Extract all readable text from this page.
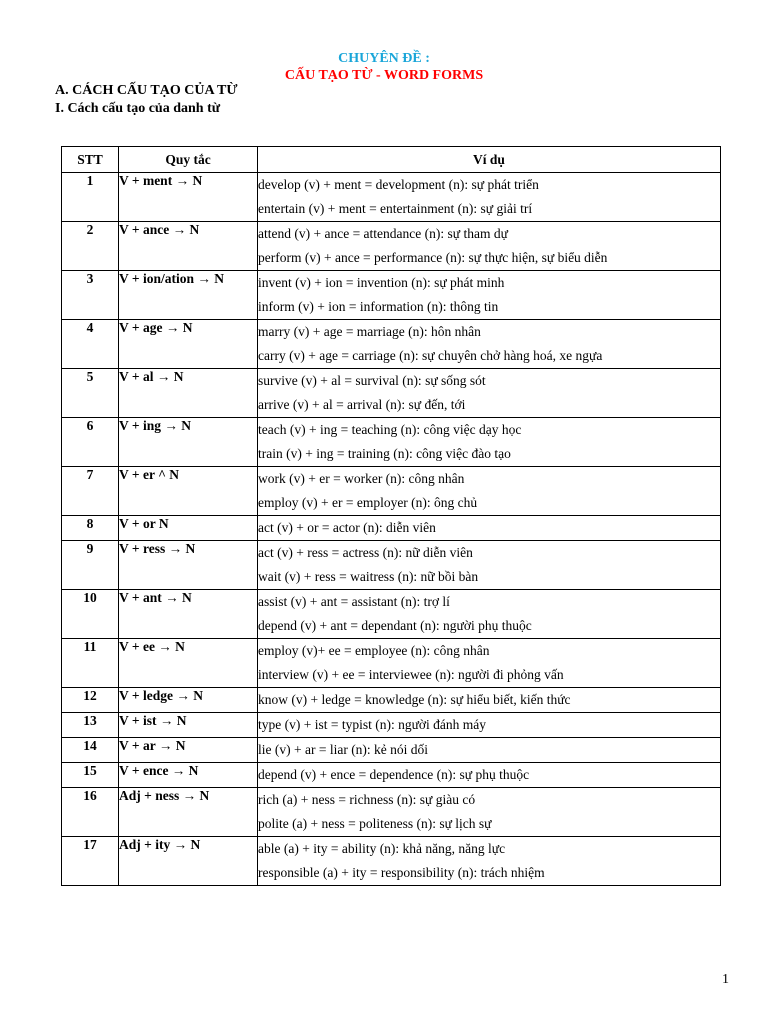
CHUYÊN ĐỀ :
CẤU TẠO TỪ - WORD FORMS
A. CÁCH CẤU TẠO CỦA TỪ
I. Cách cấu tạo của danh từ
STT	Quy tắc	Ví dụ
1	V + ment → N	develop (v) + ment = development (n): sự phát triển
entertain (v) + ment = entertainment (n): sự giải trí

2	V + ance → N	attend (v) + ance = attendance (n): sự tham dự
perform (v) + ance = performance (n): sự thực hiện, sự biểu diễn

3	V + ion/ation → N	invent (v) + ion = invention (n): sự phát minh
inform (v) + ion = information (n): thông tin

4	V + age → N	marry (v) + age = marriage (n): hôn nhân
carry (v) + age = carriage (n): sự chuyên chở hàng hoá, xe ngựa

5	V + al → N	survive (v) + al = survival (n): sự sống sót
arrive (v) + al = arrival (n): sự đến, tới

6	V + ing → N	teach (v) + ing = teaching (n): công việc dạy học
train (v) + ing = training (n): công việc đào tạo

7	V + er ^ N	work (v) + er = worker (n): công nhân
employ (v) + er = employer (n): ông chủ

8	V + or N	act (v) + or = actor (n): diễn viên

9	V + ress → N	act (v) + ress = actress (n): nữ diễn viên
wait (v) + ress = waitress (n): nữ bồi bàn

10	V + ant → N	assist (v) + ant = assistant (n): trợ lí
depend (v) + ant = dependant (n): người phụ thuộc

11	V + ee → N	employ (v)+ ee = employee (n): công nhân
interview (v) + ee = interviewee (n): người đi phỏng vấn

12	V + ledge → N	know (v) + ledge = knowledge (n): sự hiểu biết, kiến thức

13	V + ist → N	type (v) + ist = typist (n): người đánh máy

14	V + ar → N	lie (v) + ar = liar (n): kẻ nói dối

15	V + ence → N	depend (v) + ence = dependence (n): sự phụ thuộc

16	Adj + ness → N	rich (a) + ness = richness (n): sự giàu có
polite (a) + ness = politeness (n): sự lịch sự

17	Adj + ity → N	able (a) + ity = ability (n): khả năng, năng lực
responsible (a) + ity = responsibility (n): trách nhiệm
1
